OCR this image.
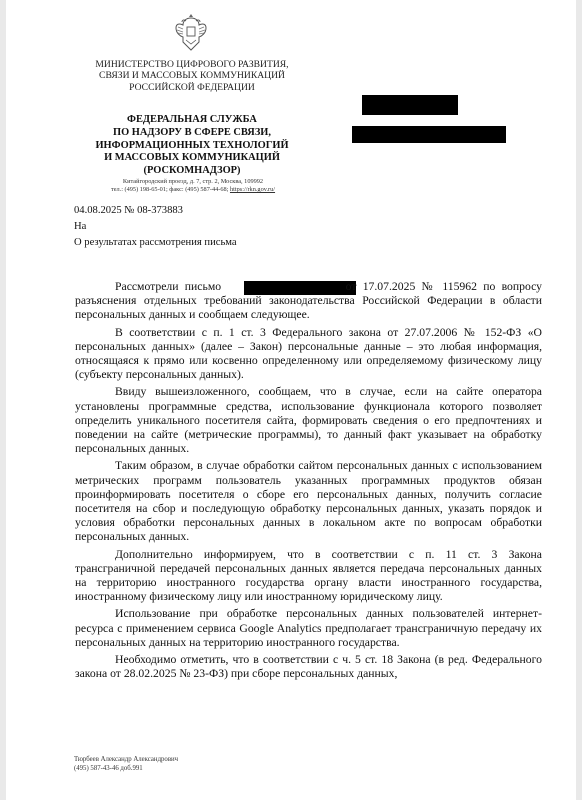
МИНИСТЕРСТВО ЦИФРОВОГО РАЗВИТИЯ,
СВЯЗИ И МАССОВЫХ КОММУНИКАЦИЙ
РОССИЙСКОЙ ФЕДЕРАЦИИ
ФЕДЕРАЛЬНАЯ СЛУЖБА
ПО НАДЗОРУ В СФЕРЕ СВЯЗИ,
ИНФОРМАЦИОННЫХ ТЕХНОЛОГИЙ
И МАССОВЫХ КОММУНИКАЦИЙ
(РОСКОМНАДЗОР)
Китайгородский проезд, д. 7, стр. 2, Москва, 109992
тел.: (495) 198-65-01; факс: (495) 587-44-68; https://rkn.gov.ru/
04.08.2025 № 08-373883
На
О результатах рассмотрения письма

Рассмотрели письмо	от 17.07.2025 № 115962 по вопросу разъяснения отдельных требований законодательства Российской Федерации в области персональных данных и сообщаем следующее.

В соответствии с п. 1 ст. 3 Федерального закона от 27.07.2006 № 152-ФЗ «О персональных данных» (далее – Закон) персональные данные – это любая информация, относящаяся к прямо или косвенно определенному или определяемому физическому лицу (субъекту персональных данных).

Ввиду вышеизложенного, сообщаем, что в случае, если на сайте оператора установлены программные средства, использование функционала которого позволяет определить уникального посетителя сайта, формировать сведения о его предпочтениях и поведении на сайте (метрические программы), то данный факт указывает на обработку персональных данных.

Таким образом, в случае обработки сайтом персональных данных с использованием метрических программ пользователь указанных программных продуктов обязан проинформировать посетителя о сборе его персональных данных, получить согласие посетителя на сбор и последующую обработку персональных данных, указать порядок и условия обработки персональных данных в локальном акте по вопросам обработки персональных данных.

Дополнительно информируем, что в соответствии с п. 11 ст. 3 Закона трансграничной передачей персональных данных является передача персональных данных на территорию иностранного государства органу власти иностранного государства, иностранному физическому лицу или иностранному юридическому лицу.

Использование при обработке персональных данных пользователей интернет-ресурса с применением сервиса Google Analytics предполагает трансграничную передачу их персональных данных на территорию иностранного государства.

Необходимо отметить, что в соответствии с ч. 5 ст. 18 Закона (в ред. Федерального закона от 28.02.2025 № 23-ФЗ) при сборе персональных данных,

Тюрбеев Александр Александрович
(495) 587-43-46 доб.991
